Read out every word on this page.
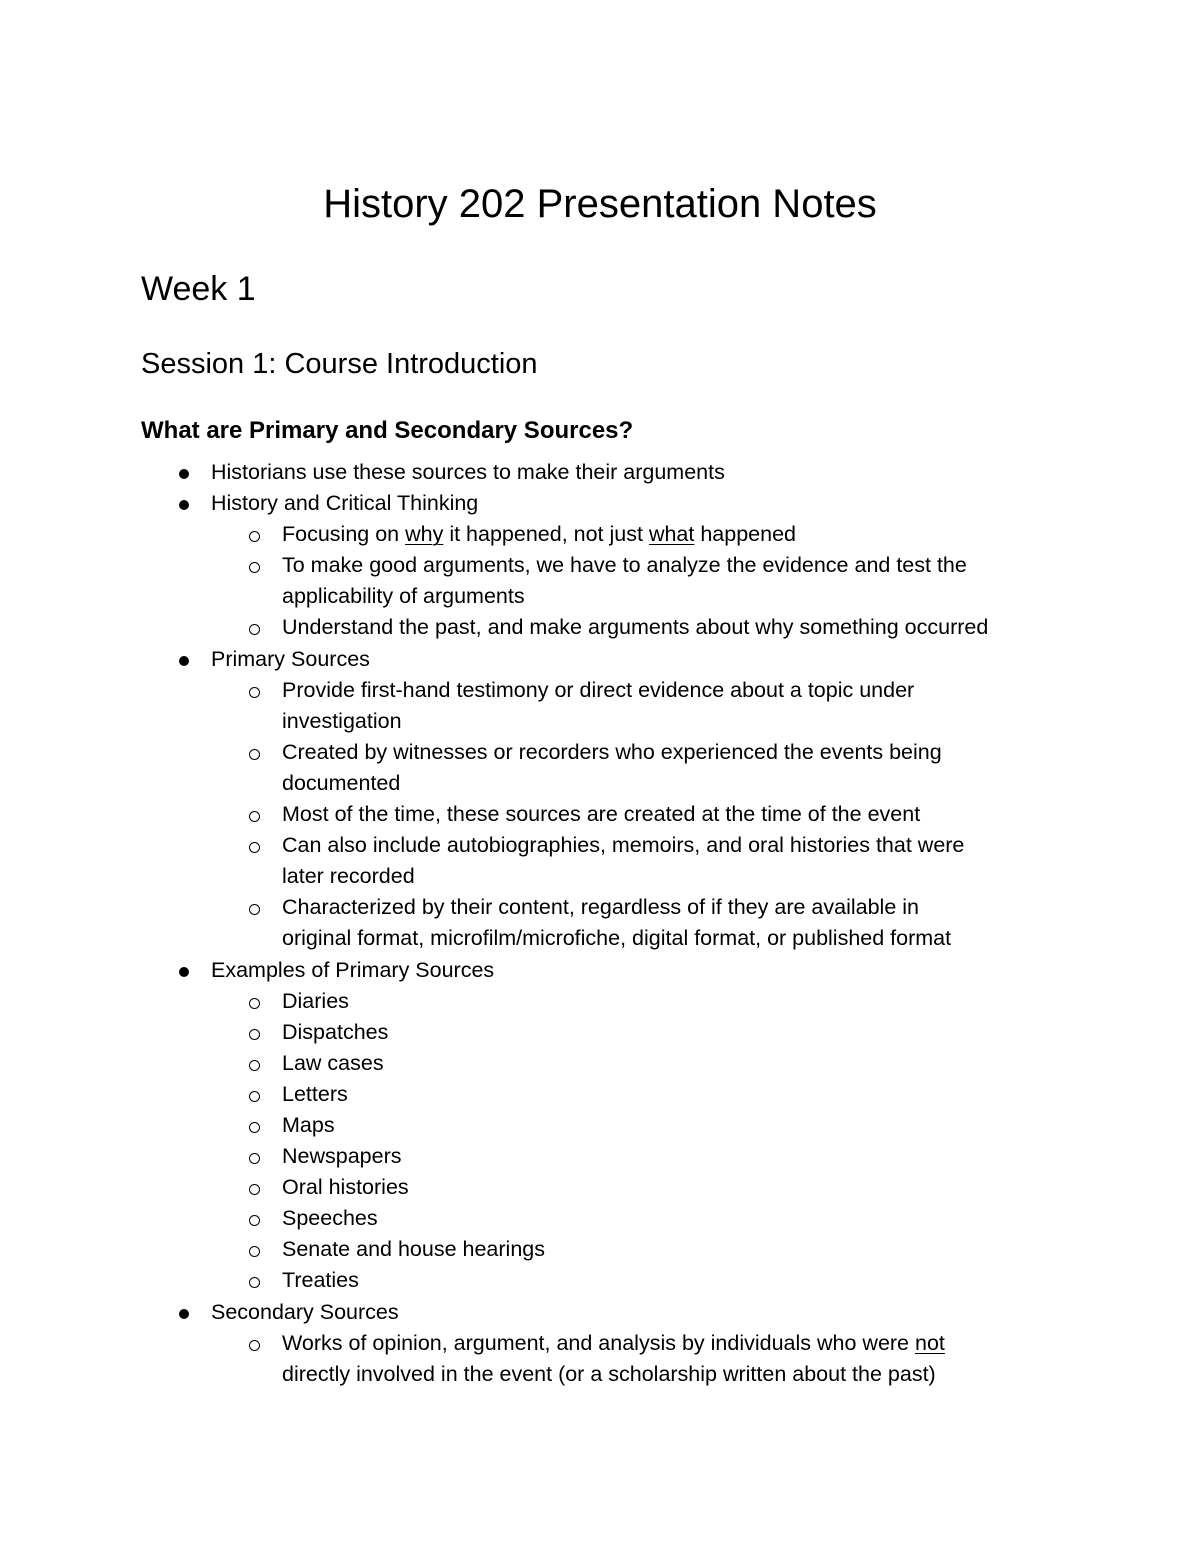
History 202 Presentation Notes
Week 1
Session 1: Course Introduction
What are Primary and Secondary Sources?
Historians use these sources to make their arguments
History and Critical Thinking
Focusing on why it happened, not just what happened
To make good arguments, we have to analyze the evidence and test the
applicability of arguments
Understand the past, and make arguments about why something occurred
Primary Sources
Provide first-hand testimony or direct evidence about a topic under
investigation
Created by witnesses or recorders who experienced the events being
documented
Most of the time, these sources are created at the time of the event
Can also include autobiographies, memoirs, and oral histories that were
later recorded
Characterized by their content, regardless of if they are available in
original format, microfilm/microfiche, digital format, or published format
Examples of Primary Sources
Diaries
Dispatches
Law cases
Letters
Maps
Newspapers
Oral histories
Speeches
Senate and house hearings
Treaties
Secondary Sources
Works of opinion, argument, and analysis by individuals who were not
directly involved in the event (or a scholarship written about the past)
